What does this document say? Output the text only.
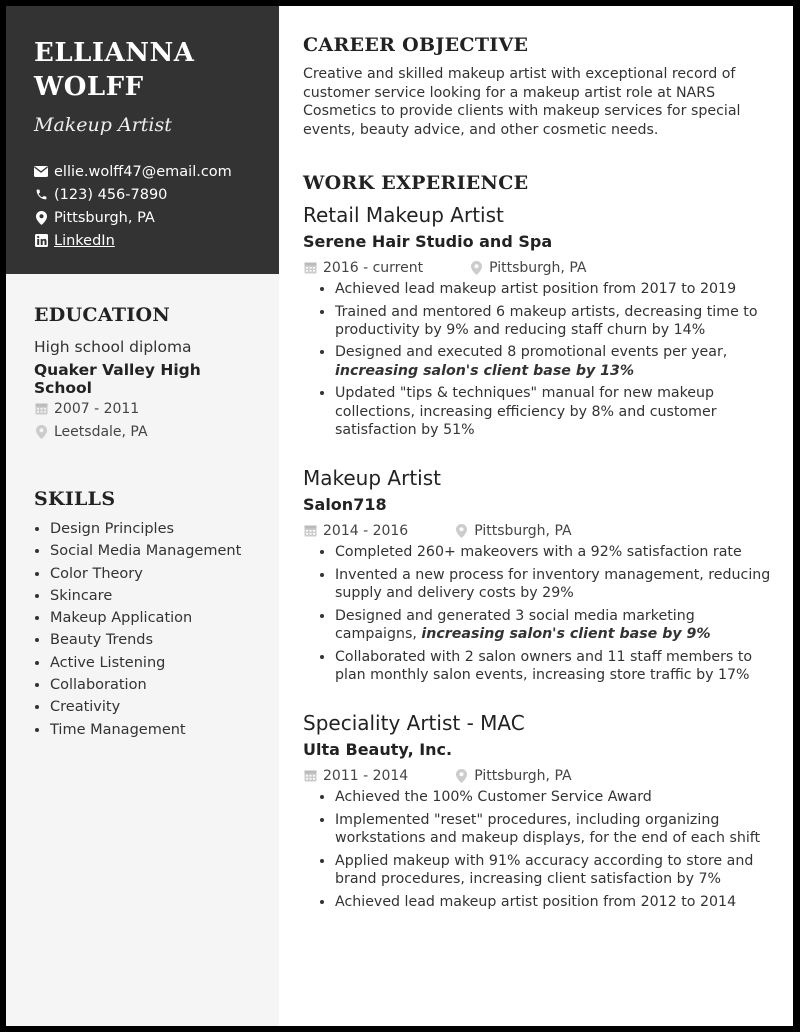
ELLIANNA
WOLFF
Makeup Artist
ellie.wolff47@email.com
(123) 456-7890
Pittsburgh, PA
LinkedIn
EDUCATION
High school diploma
Quaker Valley High School
2007 - 2011
Leetsdale, PA
SKILLS
• Design Principles
• Social Media Management
• Color Theory
• Skincare
• Makeup Application
• Beauty Trends
• Active Listening
• Collaboration
• Creativity
• Time Management
CAREER OBJECTIVE

Creative and skilled makeup artist with exceptional record of customer service looking for a makeup artist role at NARS Cosmetics to provide clients with makeup services for special events, beauty advice, and other cosmetic needs.

WORK EXPERIENCE
Retail Makeup Artist
Serene Hair Studio and Spa
2016 - current	Pittsburgh, PA
• Achieved lead makeup artist position from 2017 to 2019
• Trained and mentored 6 makeup artists, decreasing time to productivity by 9% and reducing staff churn by 14%
• Designed and executed 8 promotional events per year, increasing salon's client base by 13%
• Updated "tips & techniques" manual for new makeup collections, increasing efficiency by 8% and customer satisfaction by 51%
Makeup Artist
Salon718
2014 - 2016	Pittsburgh, PA
• Completed 260+ makeovers with a 92% satisfaction rate
• Invented a new process for inventory management, reducing supply and delivery costs by 29%
• Designed and generated 3 social media marketing campaigns, increasing salon's client base by 9%
• Collaborated with 2 salon owners and 11 staff members to plan monthly salon events, increasing store traffic by 17%
Speciality Artist - MAC
Ulta Beauty, Inc.
2011 - 2014	Pittsburgh, PA
• Achieved the 100% Customer Service Award
• Implemented "reset" procedures, including organizing workstations and makeup displays, for the end of each shift
• Applied makeup with 91% accuracy according to store and brand procedures, increasing client satisfaction by 7%
• Achieved lead makeup artist position from 2012 to 2014
